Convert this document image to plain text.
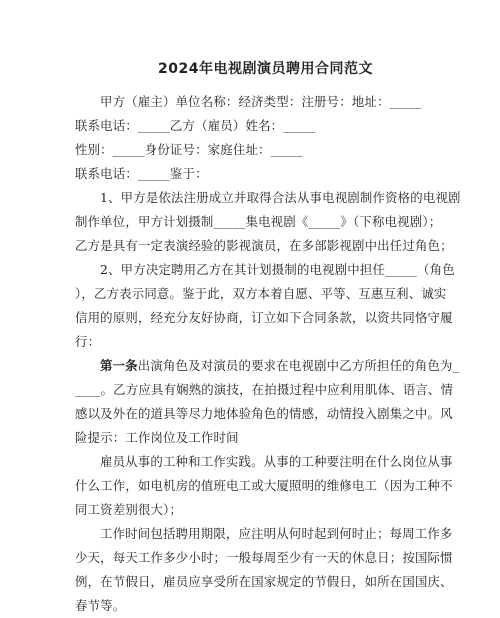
2024年电视剧演员聘用合同范文
甲方（雇主）单位名称：经济类型：注册号：地址：_____
联系电话：_____乙方（雇员）姓名：_____
性别：_____身份证号：家庭住址：_____
联系电话：_____鉴于：
1、甲方是依法注册成立并取得合法从事电视剧制作资格的电视剧
制作单位，甲方计划摄制_____集电视剧《_____》（下称电视剧）；
乙方是具有一定表演经验的影视演员，在多部影视剧中出任过角色；
2、甲方决定聘用乙方在其计划摄制的电视剧中担任_____（角色
），乙方表示同意。鉴于此，双方本着自愿、平等、互惠互利、诚实
信用的原则，经充分友好协商，订立如下合同条款，以资共同恪守履
行：
第一条出演角色及对演员的要求在电视剧中乙方所担任的角色为_
____。乙方应具有娴熟的演技，在拍摄过程中应利用肌体、语言、情
感以及外在的道具等尽力地体验角色的情感，动情投入剧集之中。风
险提示：工作岗位及工作时间
雇员从事的工种和工作实践。从事的工种要注明在什么岗位从事
什么工作，如电机房的值班电工或大厦照明的维修电工（因为工种不
同工资差别很大）；
工作时间包括聘用期限，应注明从何时起到何时止；每周工作多
少天，每天工作多少小时；一般每周至少有一天的休息日；按国际惯
例，在节假日，雇员应享受所在国家规定的节假日，如所在国国庆、
春节等。
